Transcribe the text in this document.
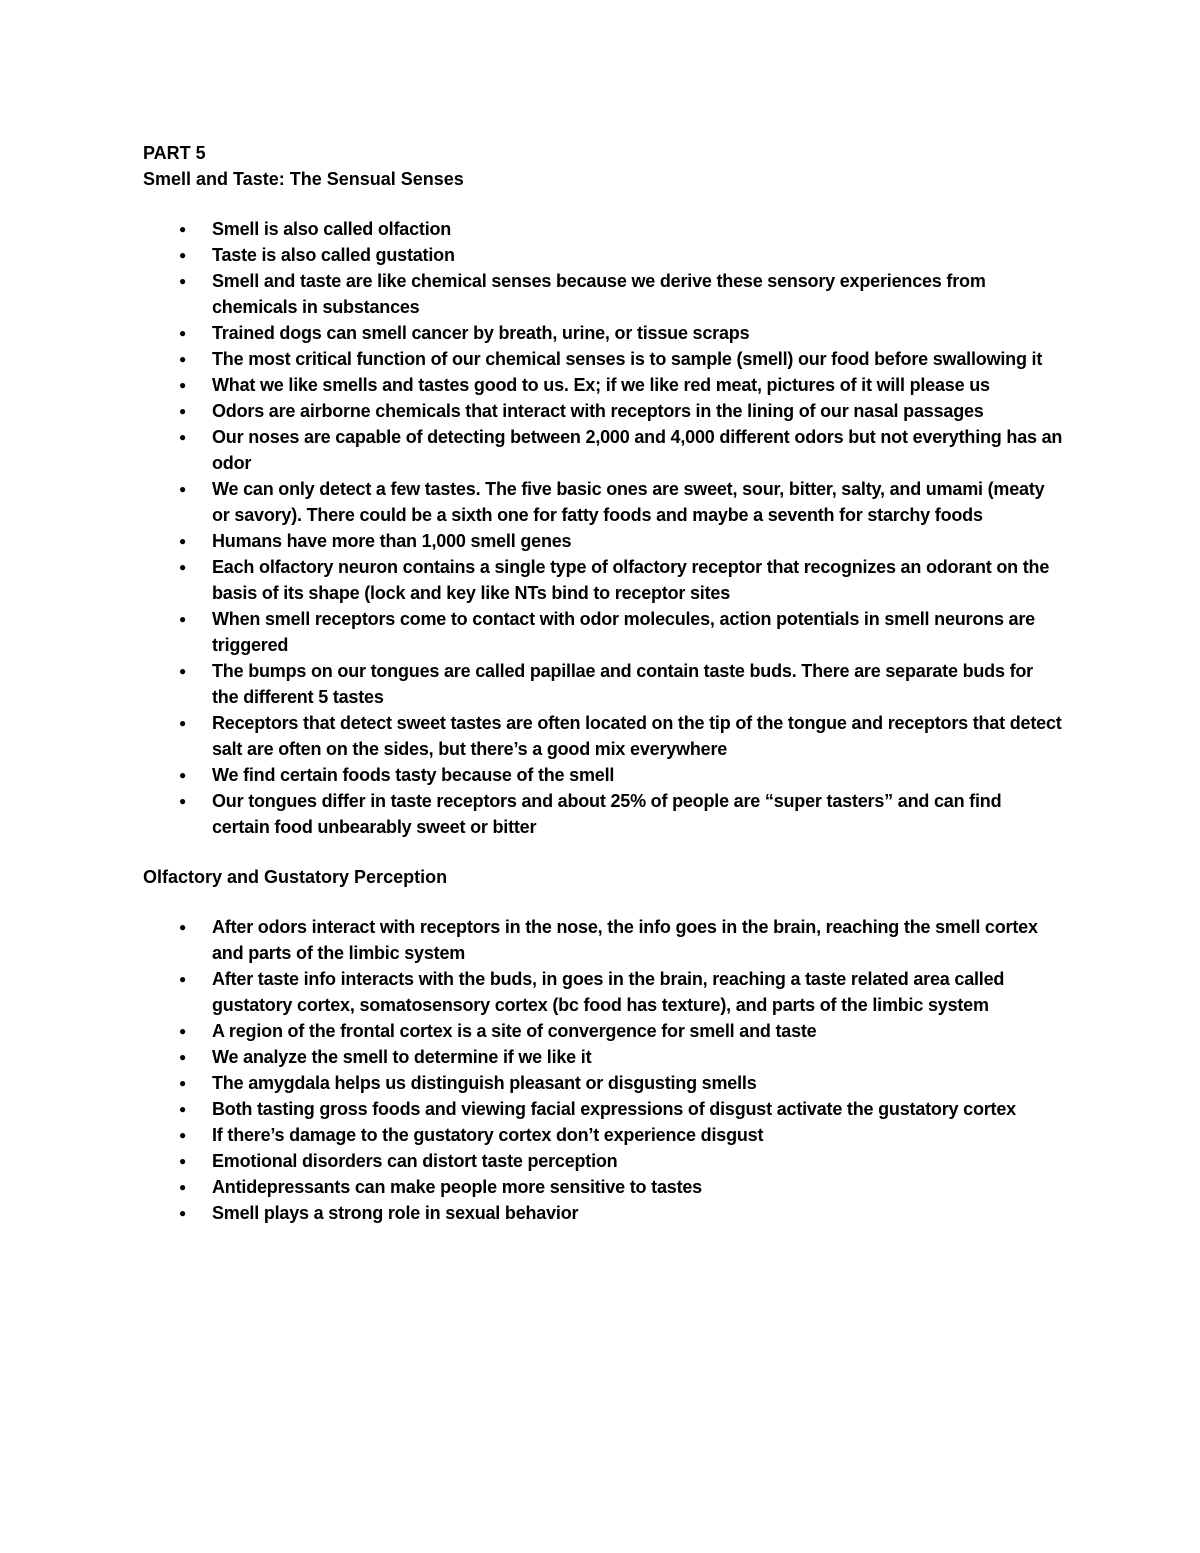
PART 5
Smell and Taste: The Sensual Senses
● Smell is also called olfaction
● Taste is also called gustation
● Smell and taste are like chemical senses because we derive these sensory experiences from chemicals in substances
● Trained dogs can smell cancer by breath, urine, or tissue scraps
● The most critical function of our chemical senses is to sample (smell) our food before swallowing it
● What we like smells and tastes good to us. Ex; if we like red meat, pictures of it will please us
● Odors are airborne chemicals that interact with receptors in the lining of our nasal passages
● Our noses are capable of detecting between 2,000 and 4,000 different odors but not everything has an odor
● We can only detect a few tastes. The five basic ones are sweet, sour, bitter, salty, and umami (meaty or savory). There could be a sixth one for fatty foods and maybe a seventh for starchy foods
● Humans have more than 1,000 smell genes
● Each olfactory neuron contains a single type of olfactory receptor that recognizes an odorant on the basis of its shape (lock and key like NTs bind to receptor sites
● When smell receptors come to contact with odor molecules, action potentials in smell neurons are triggered
● The bumps on our tongues are called papillae and contain taste buds. There are separate buds for the different 5 tastes
● Receptors that detect sweet tastes are often located on the tip of the tongue and receptors that detect salt are often on the sides, but there’s a good mix everywhere
● We find certain foods tasty because of the smell
● Our tongues differ in taste receptors and about 25% of people are “super tasters” and can find certain food unbearably sweet or bitter
Olfactory and Gustatory Perception
● After odors interact with receptors in the nose, the info goes in the brain, reaching the smell cortex and parts of the limbic system
● After taste info interacts with the buds, in goes in the brain, reaching a taste related area called gustatory cortex, somatosensory cortex (bc food has texture), and parts of the limbic system
● A region of the frontal cortex is a site of convergence for smell and taste
● We analyze the smell to determine if we like it
● The amygdala helps us distinguish pleasant or disgusting smells
● Both tasting gross foods and viewing facial expressions of disgust activate the gustatory cortex
● If there’s damage to the gustatory cortex don’t experience disgust
● Emotional disorders can distort taste perception
● Antidepressants can make people more sensitive to tastes
● Smell plays a strong role in sexual behavior
